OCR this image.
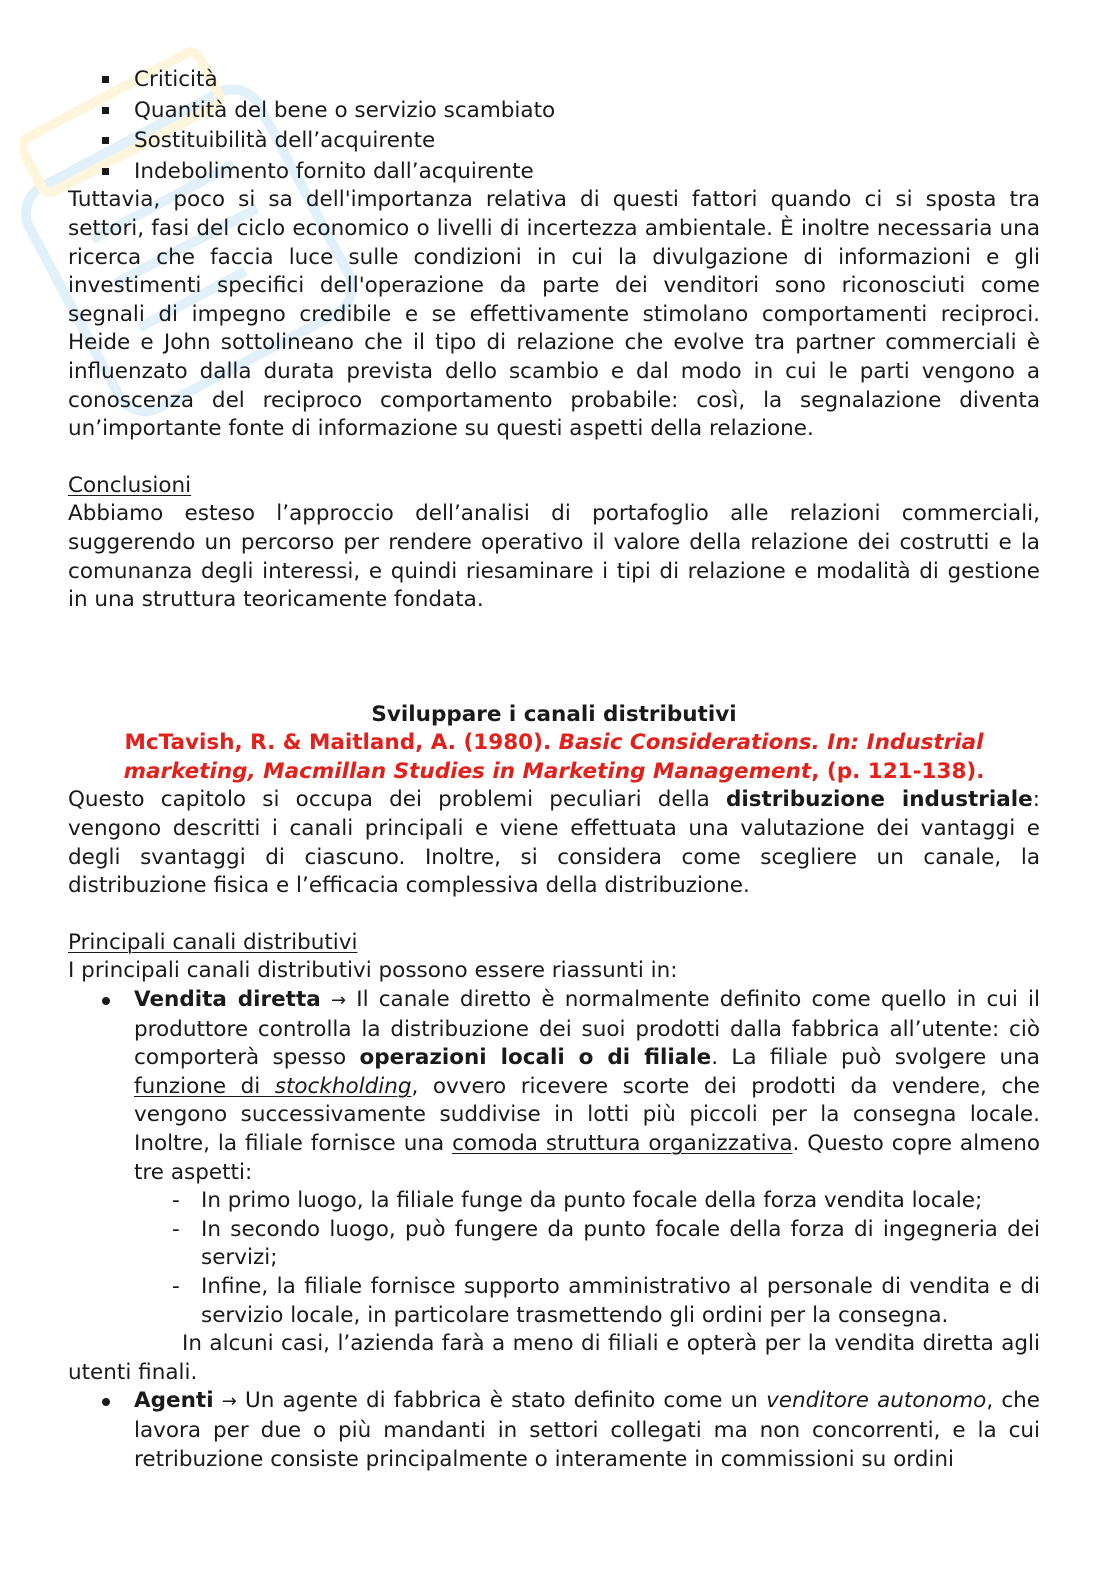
Criticità
Quantità del bene o servizio scambiato
Sostituibilità dell’acquirente
Indebolimento fornito dall’acquirente

Tuttavia, poco si sa dell'importanza relativa di questi fattori quando ci si sposta tra settori, fasi del ciclo economico o livelli di incertezza ambientale. È inoltre necessaria una ricerca che faccia luce sulle condizioni in cui la divulgazione di informazioni e gli investimenti specifici dell'operazione da parte dei venditori sono riconosciuti come segnali di impegno credibile e se effettivamente stimolano comportamenti reciproci. Heide e John sottolineano che il tipo di relazione che evolve tra partner commerciali è influenzato dalla durata prevista dello scambio e dal modo in cui le parti vengono a conoscenza del reciproco comportamento probabile: così, la segnalazione diventa un’importante fonte di informazione su questi aspetti della relazione.

Conclusioni

Abbiamo esteso l’approccio dell’analisi di portafoglio alle relazioni commerciali, suggerendo un percorso per rendere operativo il valore della relazione dei costrutti e la comunanza degli interessi, e quindi riesaminare i tipi di relazione e modalità di gestione in una struttura teoricamente fondata.

Sviluppare i canali distributivi

McTavish, R. & Maitland, A. (1980). Basic Considerations. In: Industrial marketing, Macmillan Studies in Marketing Management, (p. 121-138).

Questo capitolo si occupa dei problemi peculiari della distribuzione industriale: vengono descritti i canali principali e viene effettuata una valutazione dei vantaggi e degli svantaggi di ciascuno. Inoltre, si considera come scegliere un canale, la distribuzione fisica e l’efficacia complessiva della distribuzione.

Principali canali distributivi

I principali canali distributivi possono essere riassunti in:

Vendita diretta → Il canale diretto è normalmente definito come quello in cui il produttore controlla la distribuzione dei suoi prodotti dalla fabbrica all’utente: ciò comporterà spesso operazioni locali o di filiale. La filiale può svolgere una funzione di stockholding, ovvero ricevere scorte dei prodotti da vendere, che vengono successivamente suddivise in lotti più piccoli per la consegna locale. Inoltre, la filiale fornisce una comoda struttura organizzativa. Questo copre almeno tre aspetti:
- In primo luogo, la filiale funge da punto focale della forza vendita locale;
- In secondo luogo, può fungere da punto focale della forza di ingegneria dei servizi;
- Infine, la filiale fornisce supporto amministrativo al personale di vendita e di servizio locale, in particolare trasmettendo gli ordini per la consegna.

In alcuni casi, l’azienda farà a meno di filiali e opterà per la vendita diretta agli utenti finali.

Agenti → Un agente di fabbrica è stato definito come un venditore autonomo, che lavora per due o più mandanti in settori collegati ma non concorrenti, e la cui retribuzione consiste principalmente o interamente in commissioni su ordini
